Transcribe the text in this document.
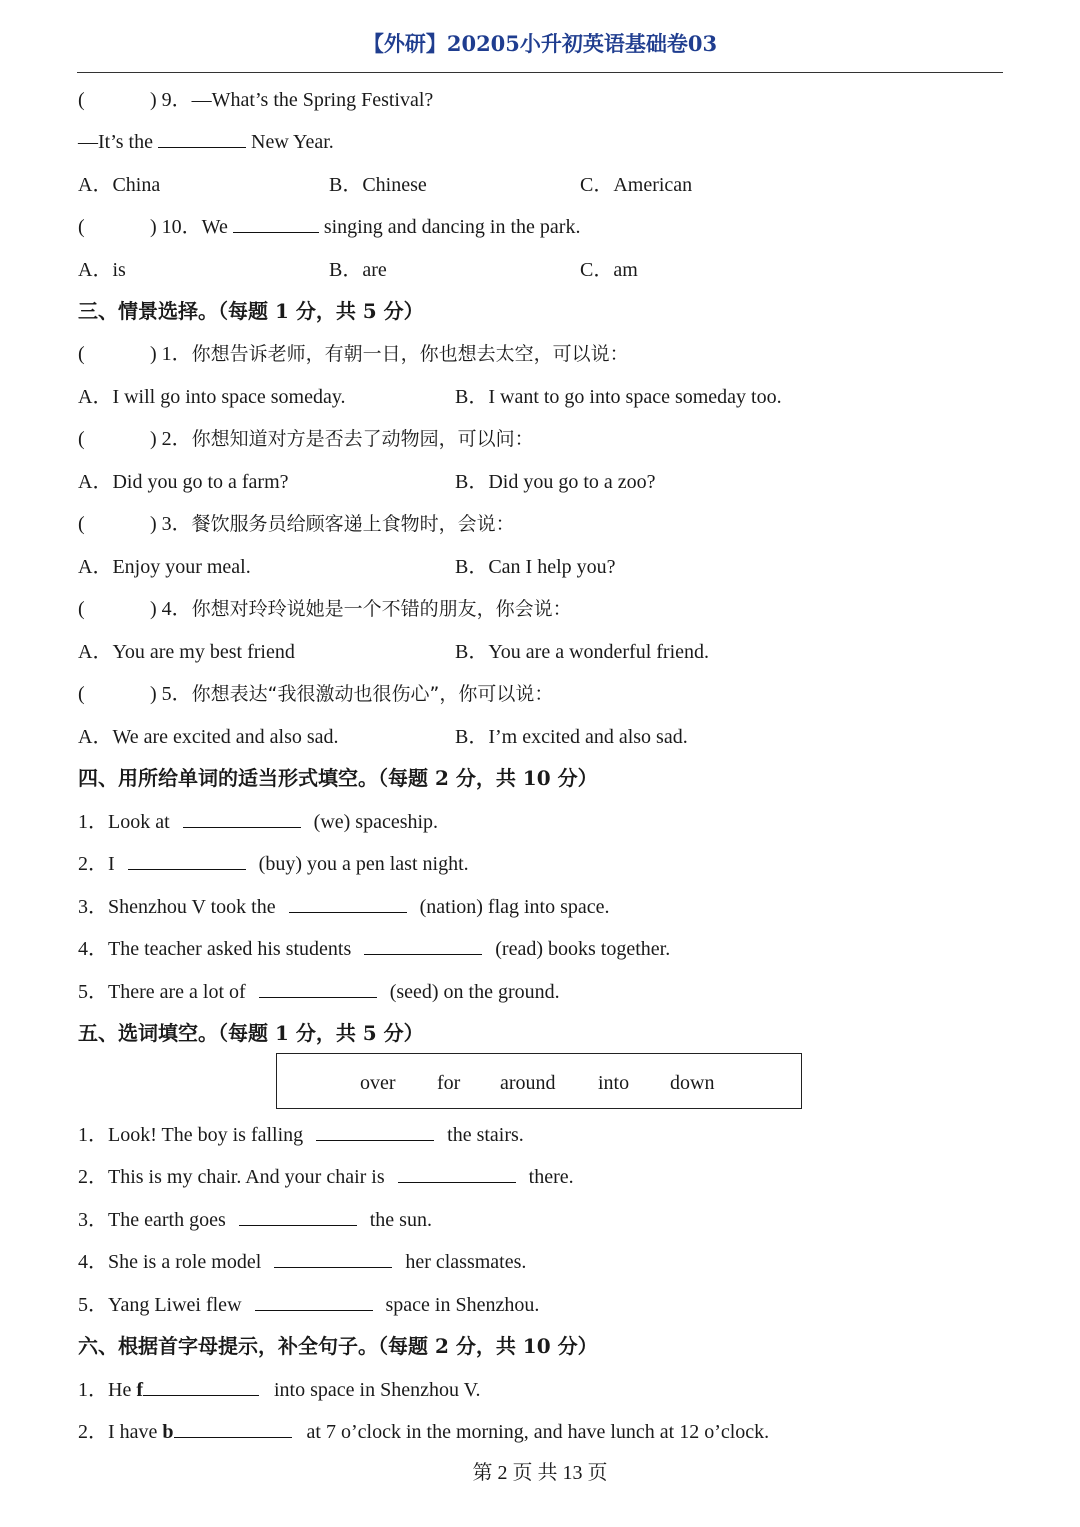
【外研】20205小升初英语基础卷03
(	) 9．—What’s the Spring Festival?
—It’s the	New Year.
A．China	B．Chinese	C．American
(	) 10．We	singing and dancing in the park.
A．is	B．are	C．am
三、情景选择。（每题 1 分，共 5 分）
(	) 1．你想告诉老师，有朝一日，你也想去太空，可以说：
A．I will go into space someday.	B．I want to go into space someday too.
(	) 2．你想知道对方是否去了动物园，可以问：
A．Did you go to a farm?	B．Did you go to a zoo?
(	) 3．餐饮服务员给顾客递上食物时，会说：
A．Enjoy your meal.	B．Can I help you?
(	) 4．你想对玲玲说她是一个不错的朋友，你会说：
A．You are my best friend	B．You are a wonderful friend.
(	) 5．你想表达“我很激动也很伤心”，你可以说：
A．We are excited and also sad.	B．I’m excited and also sad.
四、用所给单词的适当形式填空。（每题 2 分，共 10 分）
1．Look at	(we) spaceship.
2．I	(buy) you a pen last night.
3．Shenzhou V took the	(nation) flag into space.
4．The teacher asked his students	(read) books together.
5．There are a lot of	(seed) on the ground.
五、选词填空。（每题 1 分，共 5 分）
over for around into down
1．Look! The boy is falling	the stairs.
2．This is my chair. And your chair is	there.
3．The earth goes	the sun.
4．She is a role model	her classmates.
5．Yang Liwei flew	space in Shenzhou.
六、根据首字母提示，补全句子。（每题 2 分，共 10 分）
1．He f	into space in Shenzhou V.
2．I have b	at 7 o’clock in the morning, and have lunch at 12 o’clock.
第 2 页 共 13 页
